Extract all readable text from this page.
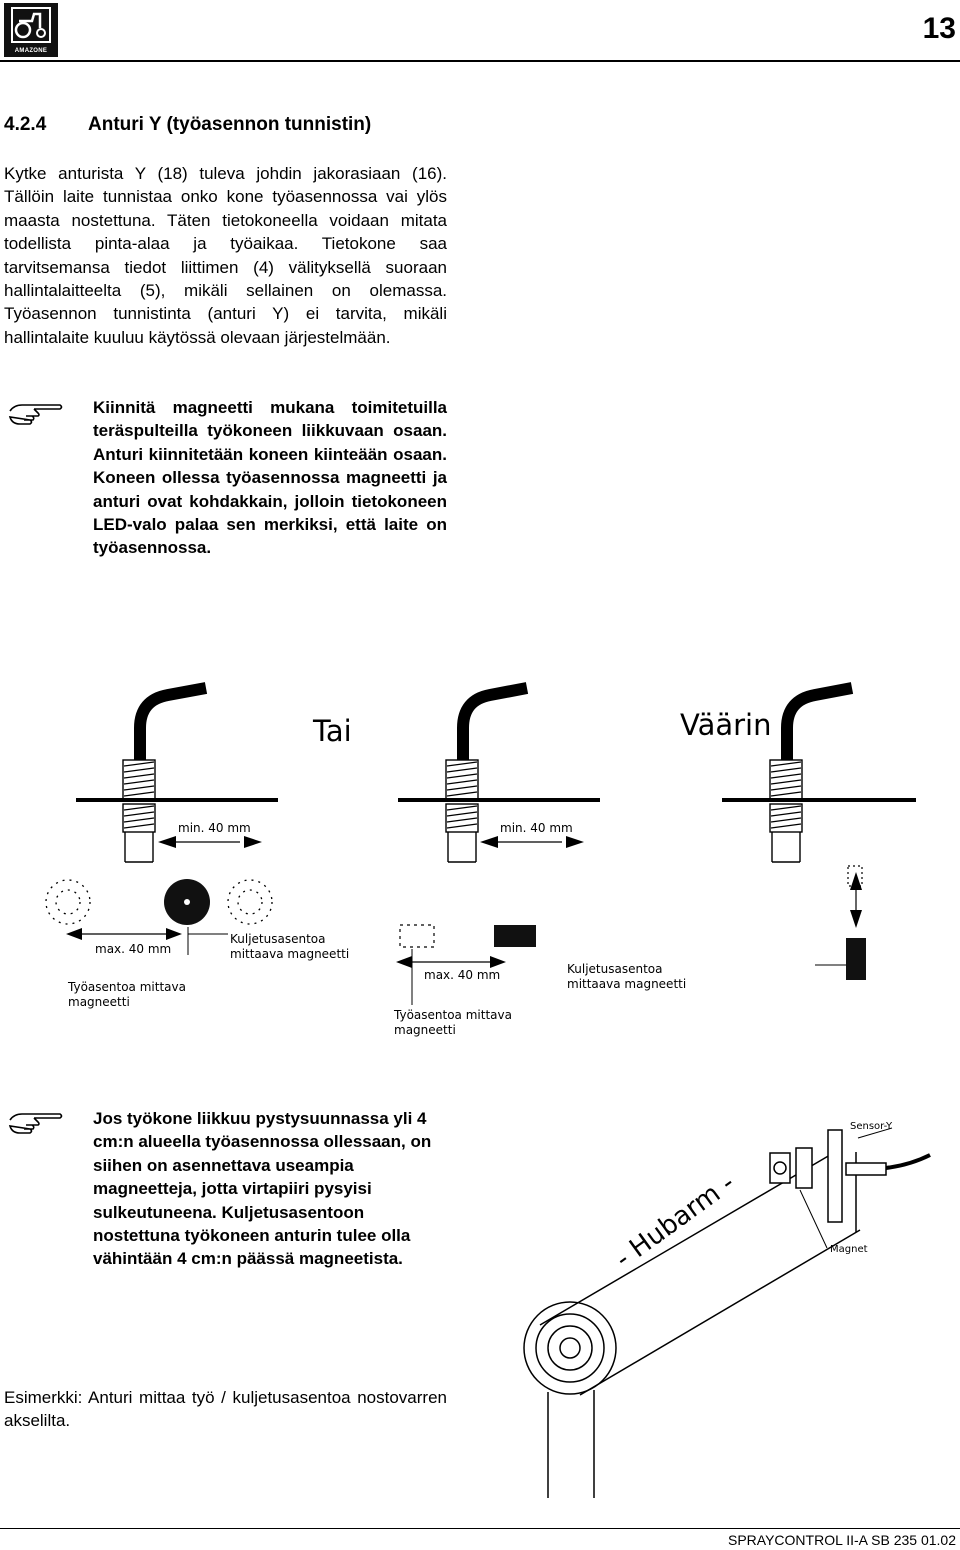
AMAZONE
13
4.2.4 Anturi Y (työasennon tunnistin)
Kytke anturista Y (18) tuleva johdin jakorasiaan (16). Tällöin laite tunnistaa onko kone työasennossa vai ylös maasta nostettuna. Täten tietokoneella voidaan mitata todellista pinta-alaa ja työaikaa. Tietokone saa tarvitsemansa tiedot liittimen (4) välityksellä suoraan hallintalaitteelta (5), mikäli sellainen on olemassa. Työasennon tunnistinta (anturi Y) ei tarvita, mikäli hallintalaite kuuluu käytössä olevaan järjestelmään.
Kiinnitä magneetti mukana toimitetuilla teräspulteilla työkoneen liikkuvaan osaan. Anturi kiinnitetään koneen kiinteään osaan. Koneen ollessa työasennossa magneetti ja anturi ovat kohdakkain, jolloin tietokoneen LED-valo palaa sen merkiksi, että laite on työasennossa.
Tai	Väärin
min. 40 mm	min. 40 mm
max. 40 mm
Kuljetusasentoa mittaava magneetti
Työasentoa mittava magneetti
max. 40 mm
Työasentoa mittava magneetti
Kuljetusasentoa mittaava magneetti
Jos työkone liikkuu pystysuunnassa yli 4 cm:n alueella työasennossa ollessaan, on siihen on asennettava useampia magneetteja, jotta virtapiiri pysyisi sulkeutuneena. Kuljetusasentoon nostettuna työkoneen anturin tulee olla vähintään 4 cm:n päässä magneetista.
Sensor-Y
- Hubarm -	Magnet
Esimerkki: Anturi mittaa työ / kuljetusasentoa nostovarren akselilta.
SPRAYCONTROL II-A SB 235 01.02
